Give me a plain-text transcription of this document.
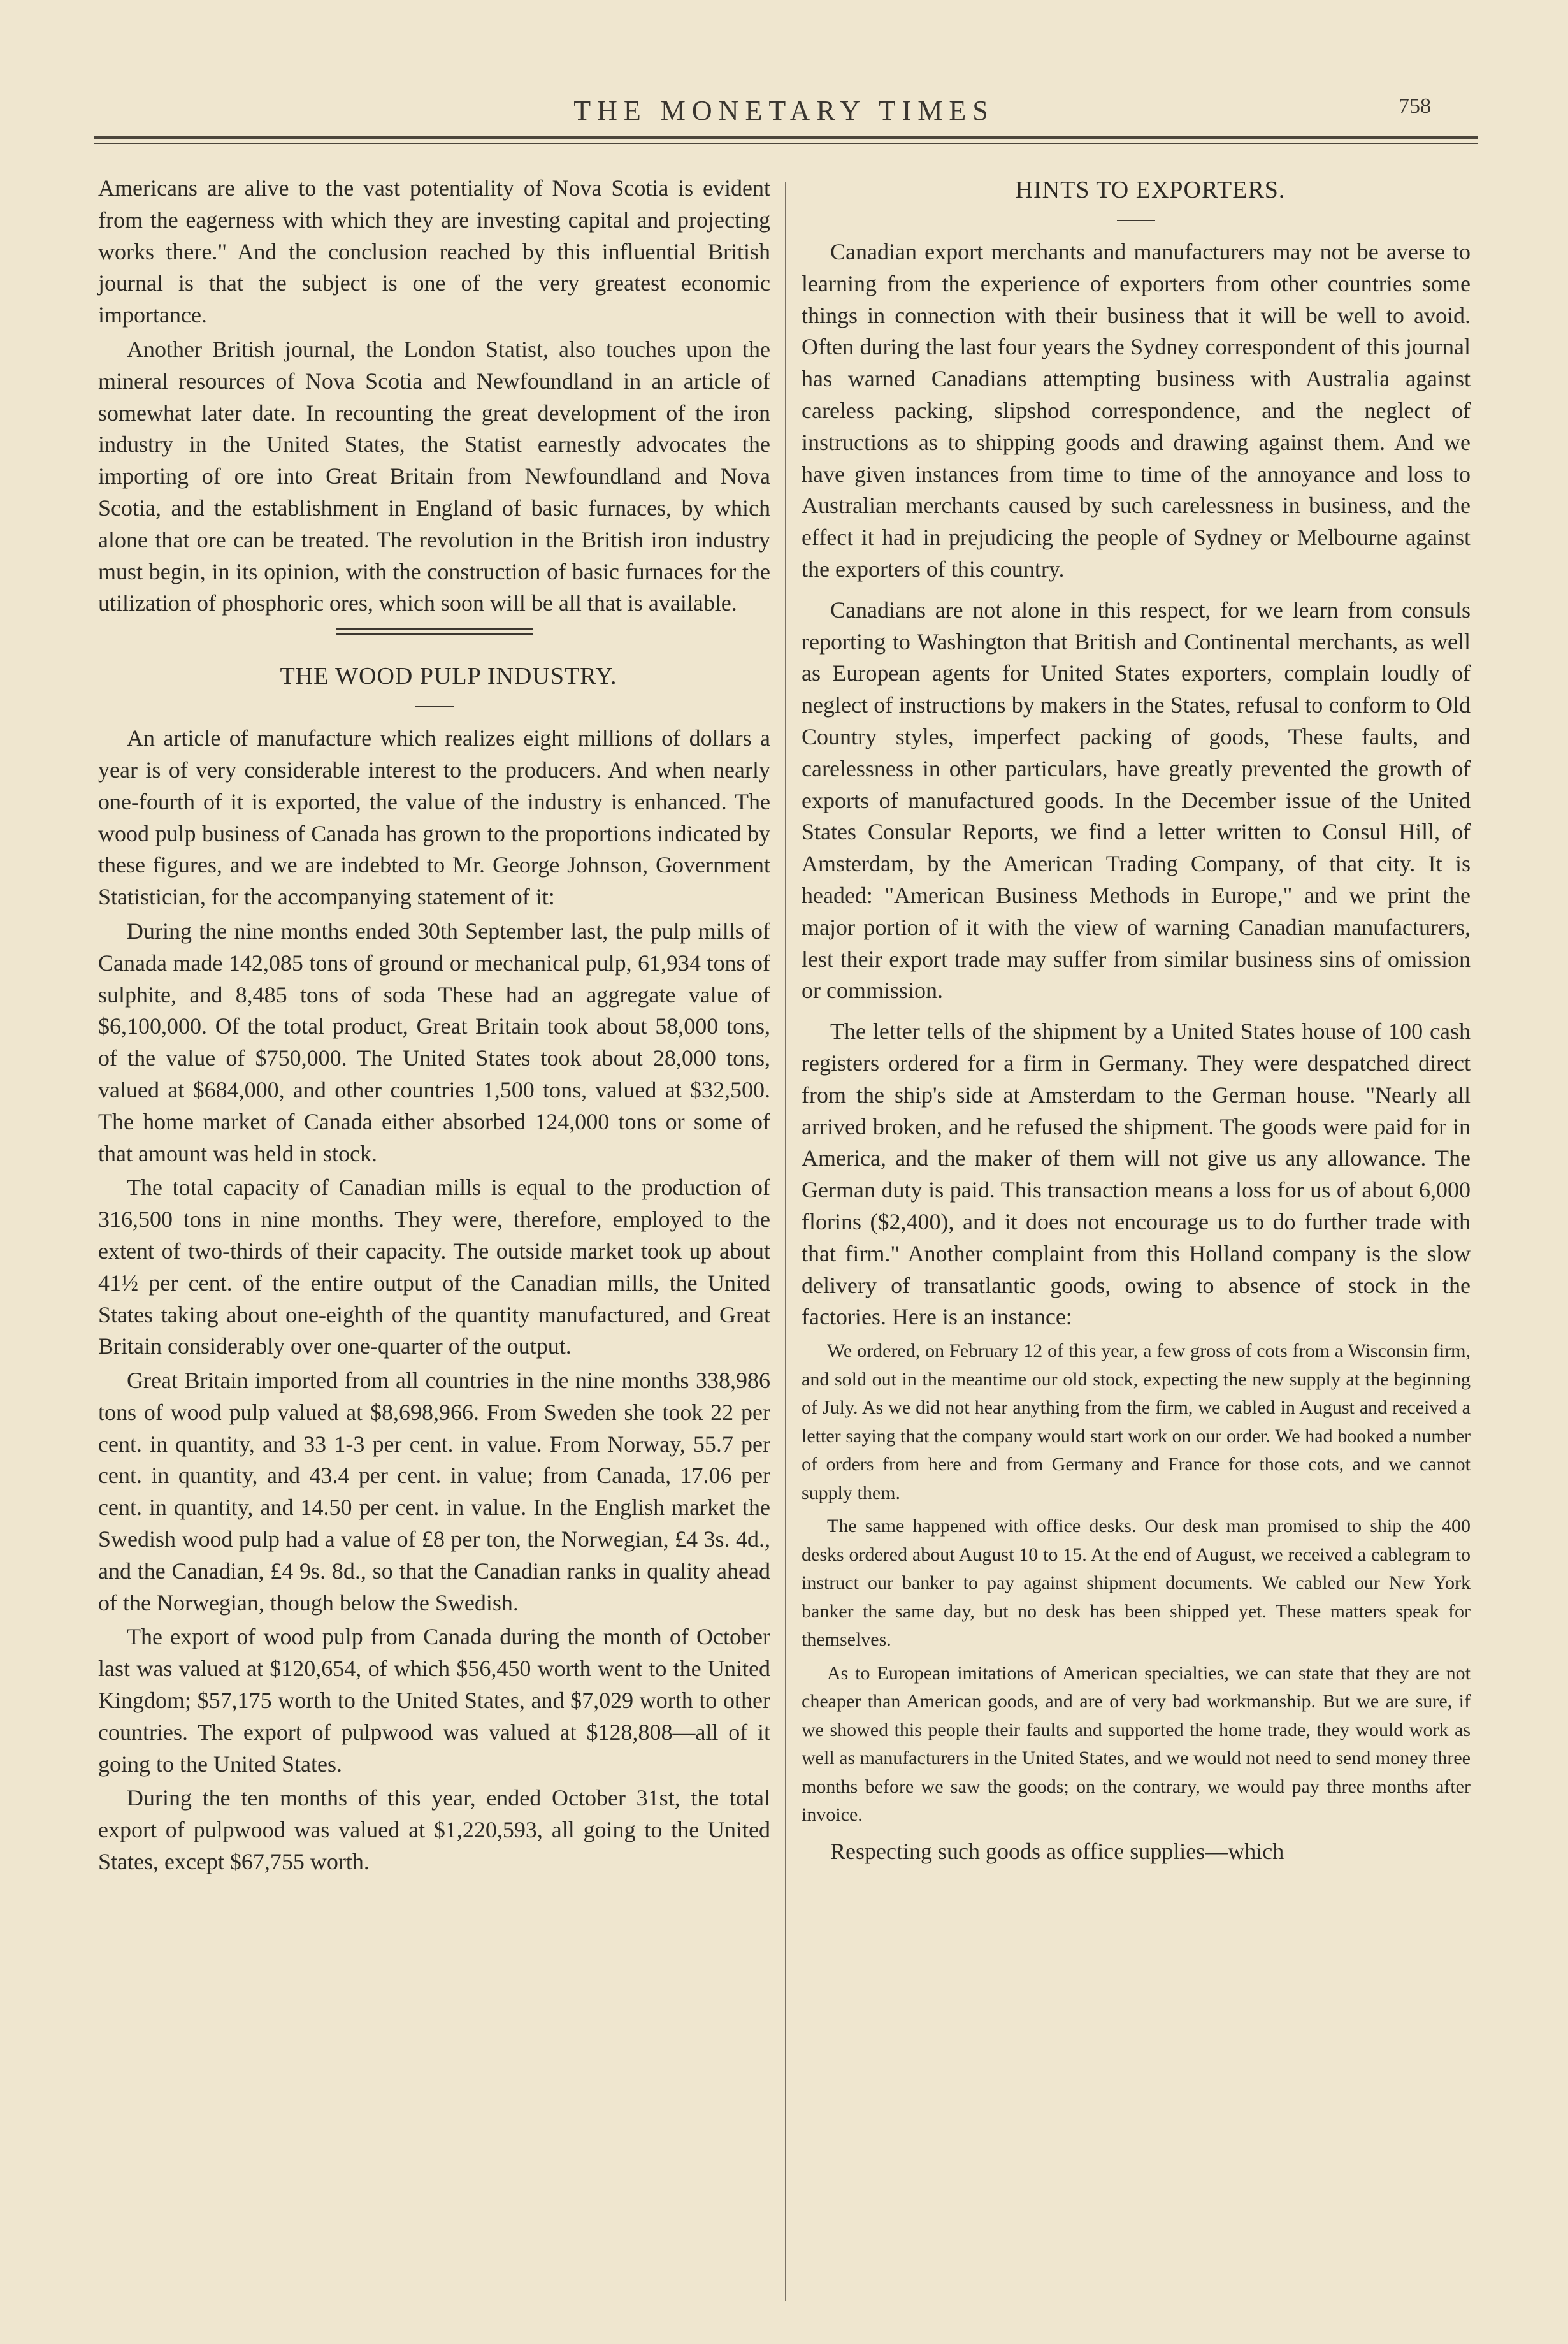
THE MONETARY TIMES	758

Americans are alive to the vast potentiality of Nova Scotia is evident from the eagerness with which they are investing capital and projecting works there." And the conclusion reached by this influential British journal is that the subject is one of the very greatest economic importance.

Another British journal, the London Statist, also touches upon the mineral resources of Nova Scotia and Newfoundland in an article of somewhat later date. In recounting the great development of the iron industry in the United States, the Statist earnestly advocates the importing of ore into Great Britain from Newfoundland and Nova Scotia, and the establishment in England of basic furnaces, by which alone that ore can be treated. The revolution in the British iron industry must begin, in its opinion, with the construction of basic furnaces for the utilization of phosphoric ores, which soon will be all that is available.

THE WOOD PULP INDUSTRY.

An article of manufacture which realizes eight millions of dollars a year is of very considerable interest to the producers. And when nearly one-fourth of it is exported, the value of the industry is enhanced. The wood pulp business of Canada has grown to the proportions indicated by these figures, and we are indebted to Mr. George Johnson, Government Statistician, for the accompanying statement of it:

During the nine months ended 30th September last, the pulp mills of Canada made 142,085 tons of ground or mechanical pulp, 61,934 tons of sulphite, and 8,485 tons of soda These had an aggregate value of $6,100,000. Of the total product, Great Britain took about 58,000 tons, of the value of $750,000. The United States took about 28,000 tons, valued at $684,000, and other countries 1,500 tons, valued at $32,500. The home market of Canada either absorbed 124,000 tons or some of that amount was held in stock.

The total capacity of Canadian mills is equal to the production of 316,500 tons in nine months. They were, therefore, employed to the extent of two-thirds of their capacity. The outside market took up about 41½ per cent. of the entire output of the Canadian mills, the United States taking about one-eighth of the quantity manufactured, and Great Britain considerably over one-quarter of the output.

Great Britain imported from all countries in the nine months 338,986 tons of wood pulp valued at $8,698,966. From Sweden she took 22 per cent. in quantity, and 33 1-3 per cent. in value. From Norway, 55.7 per cent. in quantity, and 43.4 per cent. in value; from Canada, 17.06 per cent. in quantity, and 14.50 per cent. in value. In the English market the Swedish wood pulp had a value of £8 per ton, the Norwegian, £4 3s. 4d., and the Canadian, £4 9s. 8d., so that the Canadian ranks in quality ahead of the Norwegian, though below the Swedish.

The export of wood pulp from Canada during the month of October last was valued at $120,654, of which $56,450 worth went to the United Kingdom; $57,175 worth to the United States, and $7,029 worth to other countries. The export of pulpwood was valued at $128,808—all of it going to the United States.

During the ten months of this year, ended October 31st, the total export of pulpwood was valued at $1,220,593, all going to the United States, except $67,755 worth.

HINTS TO EXPORTERS.

Canadian export merchants and manufacturers may not be averse to learning from the experience of exporters from other countries some things in connection with their business that it will be well to avoid. Often during the last four years the Sydney correspondent of this journal has warned Canadians attempting business with Australia against careless packing, slipshod correspondence, and the neglect of instructions as to shipping goods and drawing against them. And we have given instances from time to time of the annoyance and loss to Australian merchants caused by such carelessness in business, and the effect it had in prejudicing the people of Sydney or Melbourne against the exporters of this country.

Canadians are not alone in this respect, for we learn from consuls reporting to Washington that British and Continental merchants, as well as European agents for United States exporters, complain loudly of neglect of instructions by makers in the States, refusal to conform to Old Country styles, imperfect packing of goods, These faults, and carelessness in other particulars, have greatly prevented the growth of exports of manufactured goods. In the December issue of the United States Consular Reports, we find a letter written to Consul Hill, of Amsterdam, by the American Trading Company, of that city. It is headed: "American Business Methods in Europe," and we print the major portion of it with the view of warning Canadian manufacturers, lest their export trade may suffer from similar business sins of omission or commission.

The letter tells of the shipment by a United States house of 100 cash registers ordered for a firm in Germany. They were despatched direct from the ship's side at Amsterdam to the German house. "Nearly all arrived broken, and he refused the shipment. The goods were paid for in America, and the maker of them will not give us any allowance. The German duty is paid. This transaction means a loss for us of about 6,000 florins ($2,400), and it does not encourage us to do further trade with that firm." Another complaint from this Holland company is the slow delivery of transatlantic goods, owing to absence of stock in the factories. Here is an instance:

We ordered, on February 12 of this year, a few gross of cots from a Wisconsin firm, and sold out in the meantime our old stock, expecting the new supply at the beginning of July. As we did not hear anything from the firm, we cabled in August and received a letter saying that the company would start work on our order. We had booked a number of orders from here and from Germany and France for those cots, and we cannot supply them.

The same happened with office desks. Our desk man promised to ship the 400 desks ordered about August 10 to 15. At the end of August, we received a cablegram to instruct our banker to pay against shipment documents. We cabled our New York banker the same day, but no desk has been shipped yet. These matters speak for themselves.

As to European imitations of American specialties, we can state that they are not cheaper than American goods, and are of very bad workmanship. But we are sure, if we showed this people their faults and supported the home trade, they would work as well as manufacturers in the United States, and we would not need to send money three months before we saw the goods; on the contrary, we would pay three months after invoice.

Respecting such goods as office supplies—which
